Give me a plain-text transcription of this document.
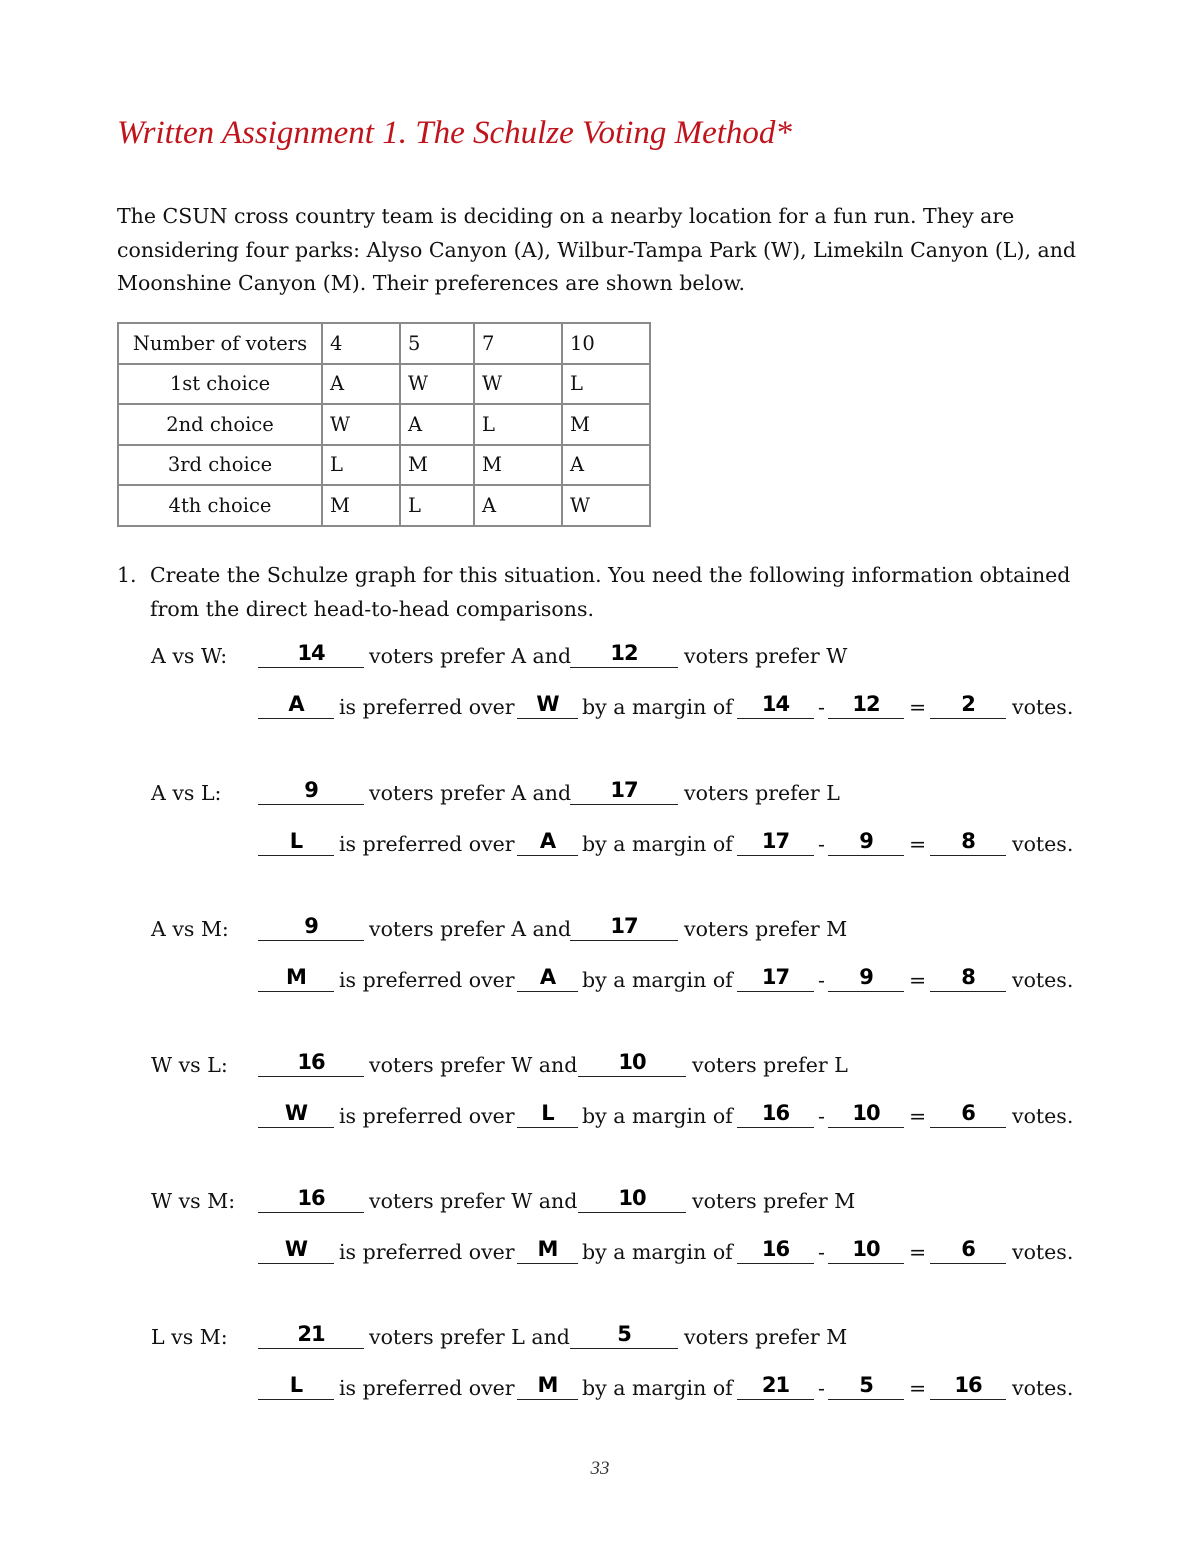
Written Assignment 1. The Schulze Voting Method*
The CSUN cross country team is deciding on a nearby location for a fun run. They are considering four parks: Alyso Canyon (A), Wilbur-Tampa Park (W), Limekiln Canyon (L), and Moonshine Canyon (M). Their preferences are shown below.
Number of voters	4	5	7	10
1st choice	A	W	W	L
2nd choice	W	A	L	M
3rd choice	L	M	M	A
4th choice	M	L	A	W
1. Create the Schulze graph for this situation. You need the following information obtained from the direct head-to-head comparisons.
A vs W:	14	voters prefer A and	12	voters prefer W
A	is preferred over	W	by a margin of	14	-	12	=	2	votes.
A vs L:	9	voters prefer A and	17	voters prefer L
L	is preferred over	A	by a margin of	17	-	9	=	8	votes.
A vs M:	9	voters prefer A and	17	voters prefer M
M	is preferred over	A	by a margin of	17	-	9	=	8	votes.
W vs L:	16	voters prefer W and	10	voters prefer L
W	is preferred over	L	by a margin of	16	-	10	=	6	votes.
W vs M:	16	voters prefer W and	10	voters prefer M
W	is preferred over	M	by a margin of	16	-	10	=	6	votes.
L vs M:	21	voters prefer L and	5	voters prefer M
L	is preferred over	M	by a margin of	21	-	5	=	16	votes.
33
